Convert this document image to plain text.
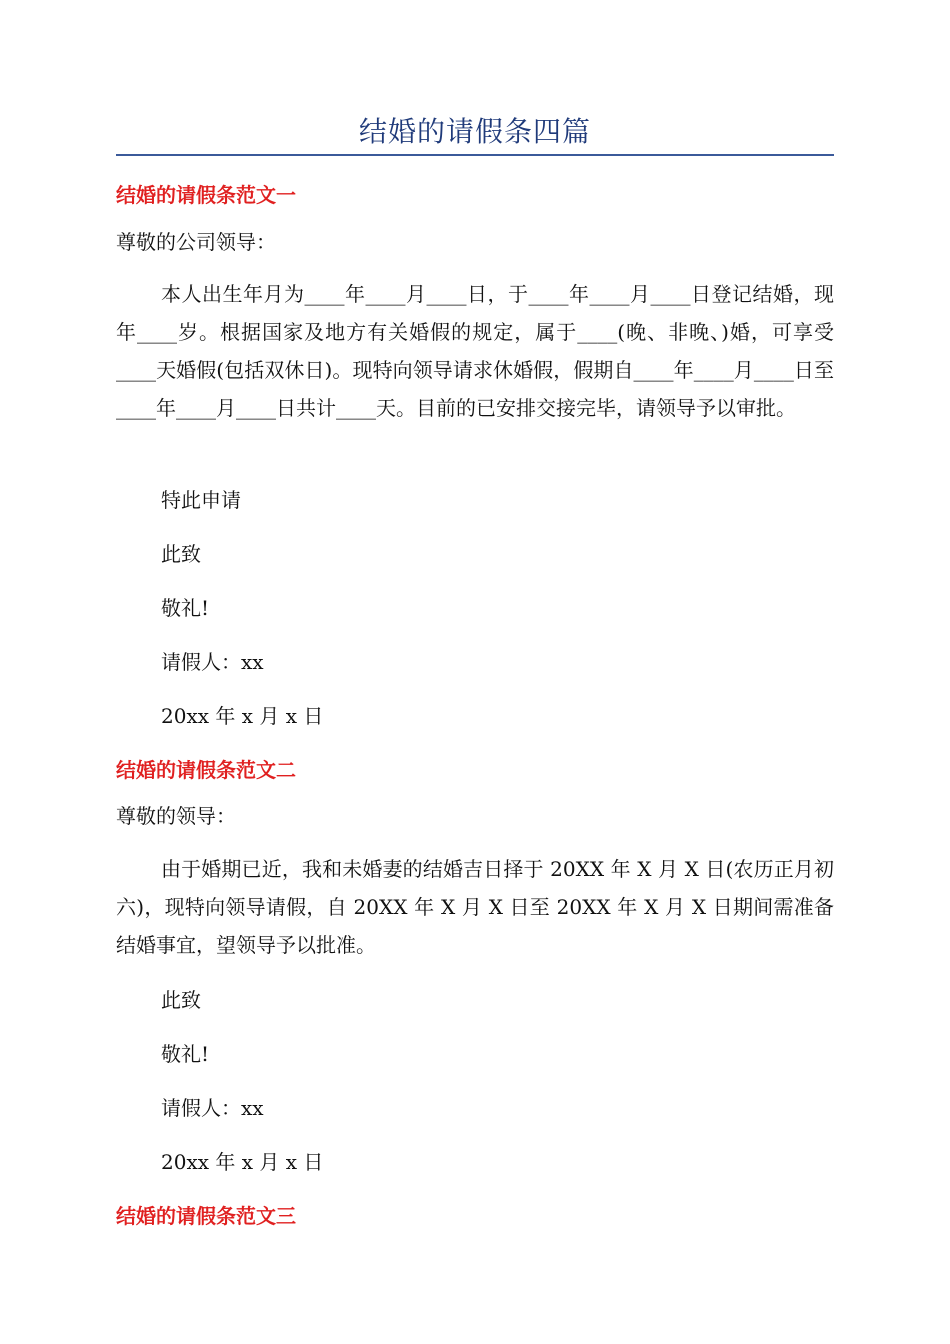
结婚的请假条四篇
结婚的请假条范文一
尊敬的公司领导：
本人出生年月为____年____月____日，于____年____月____日登记结婚，现年____岁。根据国家及地方有关婚假的规定，属于____(晚、非晚、)婚，可享受____天婚假(包括双休日)。现特向领导请求休婚假，假期自____年____月____日至____年____月____日共计____天。目前的已安排交接完毕，请领导予以审批。
特此申请
此致
敬礼!
请假人：xx
20xx 年 x 月 x 日
结婚的请假条范文二
尊敬的领导：
由于婚期已近，我和未婚妻的结婚吉日择于 20XX 年 X 月 X 日(农历正月初六)，现特向领导请假，自 20XX 年 X 月 X 日至 20XX 年 X 月 X 日期间需准备结婚事宜，望领导予以批准。
此致
敬礼!
请假人：xx
20xx 年 x 月 x 日
结婚的请假条范文三
